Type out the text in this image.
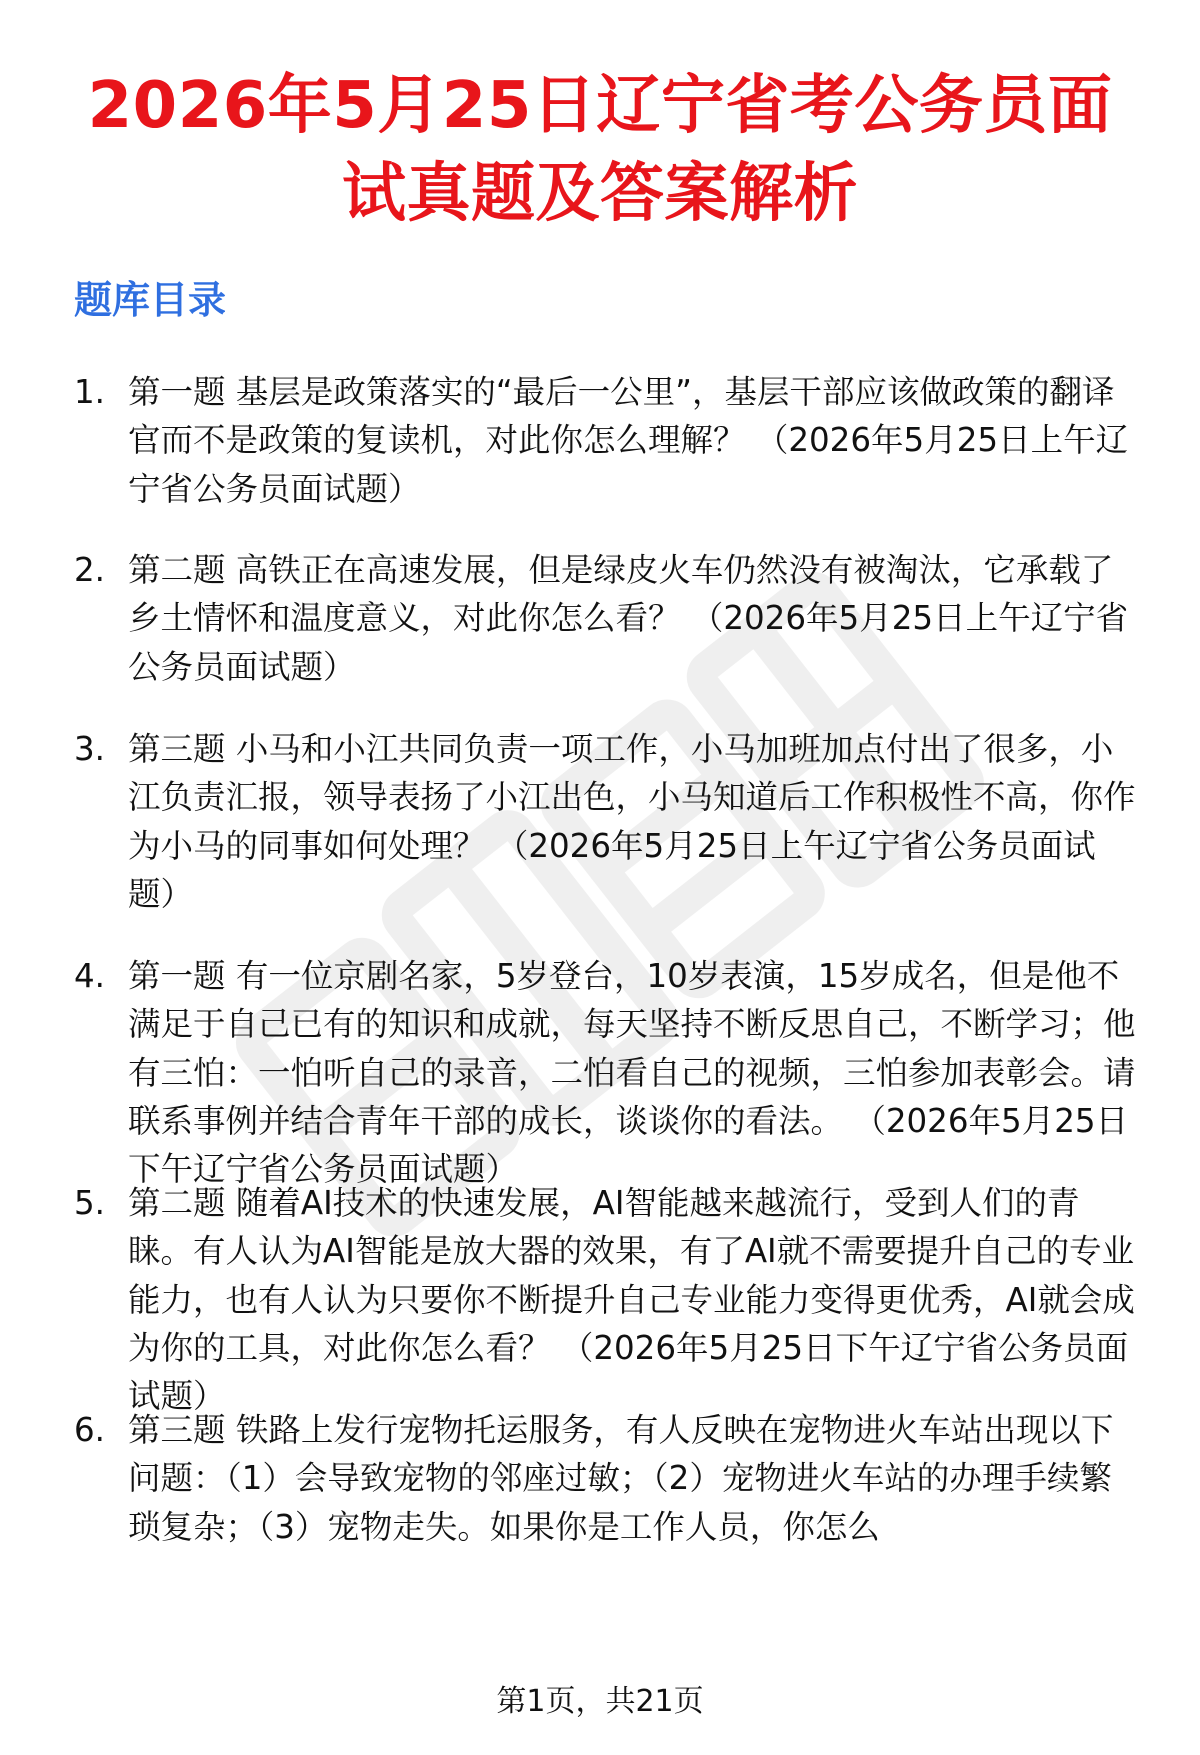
2026年5月25日辽宁省考公务员面试真题及答案解析
题库目录
1. 第一题 基层是政策落实的“最后一公里”，基层干部应该做政策的翻译官而不是政策的复读机，对此你怎么理解？ （2026年5月25日上午辽宁省公务员面试题）
2. 第二题 高铁正在高速发展，但是绿皮火车仍然没有被淘汰，它承载了乡土情怀和温度意义，对此你怎么看？ （2026年5月25日上午辽宁省公务员面试题）
3. 第三题 小马和小江共同负责一项工作，小马加班加点付出了很多，小江负责汇报，领导表扬了小江出色，小马知道后工作积极性不高，你作为小马的同事如何处理？ （2026年5月25日上午辽宁省公务员面试题）
4. 第一题 有一位京剧名家，5岁登台，10岁表演，15岁成名，但是他不满足于自己已有的知识和成就，每天坚持不断反思自己，不断学习；他有三怕：一怕听自己的录音，二怕看自己的视频，三怕参加表彰会。请联系事例并结合青年干部的成长，谈谈你的看法。 （2026年5月25日下午辽宁省公务员面试题）
5. 第二题 随着AI技术的快速发展，AI智能越来越流行，受到人们的青睐。有人认为AI智能是放大器的效果，有了AI就不需要提升自己的专业能力，也有人认为只要你不断提升自己专业能力变得更优秀，AI就会成为你的工具，对此你怎么看？ （2026年5月25日下午辽宁省公务员面试题）
6. 第三题 铁路上发行宠物托运服务，有人反映在宠物进火车站出现以下问题：（1）会导致宠物的邻座过敏；（2）宠物进火车站的办理手续繁琐复杂；（3）宠物走失。如果你是工作人员，你怎么
第1页，共21页
